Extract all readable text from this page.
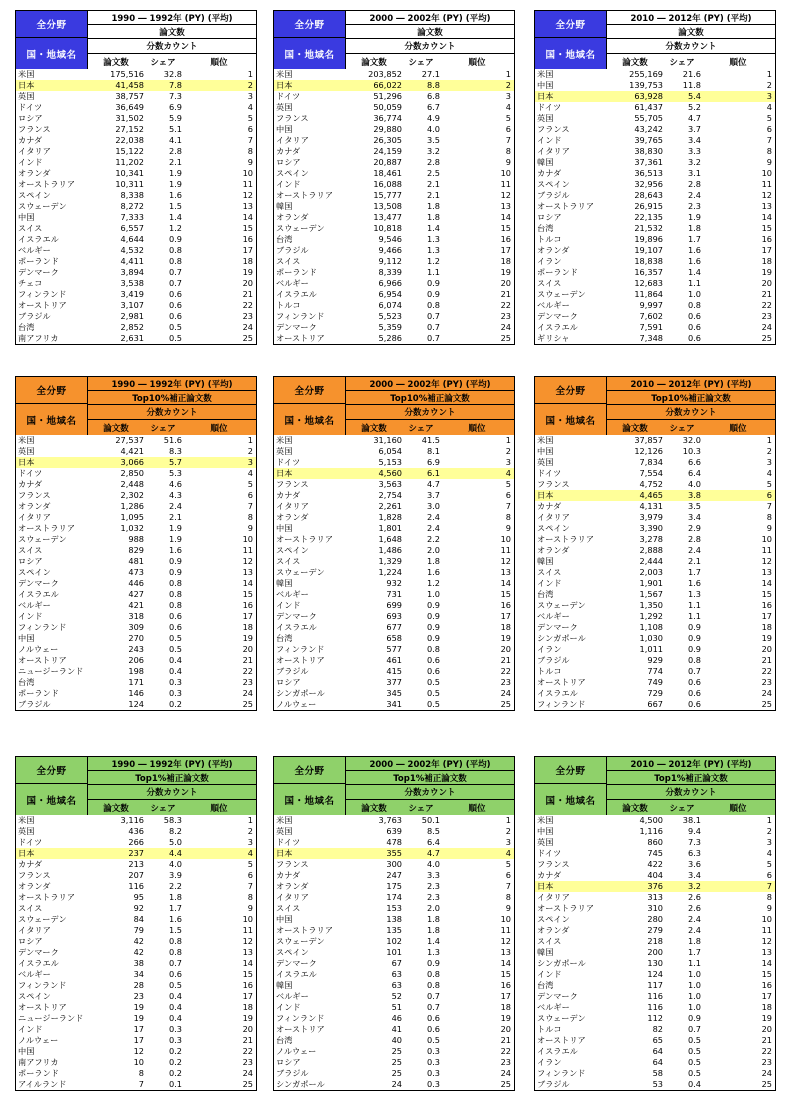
全分野
国・地域名
1990 ― 1992年 (PY) (平均)
論文数
分数カウント
論文数	シェア	順位
米国	175,516	32.8	1
日本	41,458	7.8	2
英国	38,757	7.3	3
ドイツ	36,649	6.9	4
ロシア	31,502	5.9	5
フランス	27,152	5.1	6
カナダ	22,038	4.1	7
イタリア	15,122	2.8	8
インド	11,202	2.1	9
オランダ	10,341	1.9	10
オーストラリア	10,311	1.9	11
スペイン	8,338	1.6	12
スウェーデン	8,272	1.5	13
中国	7,333	1.4	14
スイス	6,557	1.2	15
イスラエル	4,644	0.9	16
ベルギー	4,532	0.8	17
ポーランド	4,411	0.8	18
デンマーク	3,894	0.7	19
チェコ	3,538	0.7	20
フィンランド	3,419	0.6	21
オーストリア	3,107	0.6	22
ブラジル	2,981	0.6	23
台湾	2,852	0.5	24
南アフリカ	2,631	0.5	25
全分野
国・地域名
2000 ― 2002年 (PY) (平均)
論文数
分数カウント
論文数	シェア	順位
米国	203,852	27.1	1
日本	66,022	8.8	2
ドイツ	51,296	6.8	3
英国	50,059	6.7	4
フランス	36,774	4.9	5
中国	29,880	4.0	6
イタリア	26,305	3.5	7
カナダ	24,159	3.2	8
ロシア	20,887	2.8	9
スペイン	18,461	2.5	10
インド	16,088	2.1	11
オーストラリア	15,777	2.1	12
韓国	13,508	1.8	13
オランダ	13,477	1.8	14
スウェーデン	10,818	1.4	15
台湾	9,546	1.3	16
ブラジル	9,466	1.3	17
スイス	9,112	1.2	18
ポーランド	8,339	1.1	19
ベルギー	6,966	0.9	20
イスラエル	6,954	0.9	21
トルコ	6,074	0.8	22
フィンランド	5,523	0.7	23
デンマーク	5,359	0.7	24
オーストリア	5,286	0.7	25
全分野
国・地域名
2010 ― 2012年 (PY) (平均)
論文数
分数カウント
論文数	シェア	順位
米国	255,169	21.6	1
中国	139,753	11.8	2
日本	63,928	5.4	3
ドイツ	61,437	5.2	4
英国	55,705	4.7	5
フランス	43,242	3.7	6
インド	39,765	3.4	7
イタリア	38,830	3.3	8
韓国	37,361	3.2	9
カナダ	36,513	3.1	10
スペイン	32,956	2.8	11
ブラジル	28,643	2.4	12
オーストラリア	26,915	2.3	13
ロシア	22,135	1.9	14
台湾	21,532	1.8	15
トルコ	19,896	1.7	16
オランダ	19,107	1.6	17
イラン	18,838	1.6	18
ポーランド	16,357	1.4	19
スイス	12,683	1.1	20
スウェーデン	11,864	1.0	21
ベルギー	9,997	0.8	22
デンマーク	7,602	0.6	23
イスラエル	7,591	0.6	24
ギリシャ	7,348	0.6	25
全分野
国・地域名
1990 ― 1992年 (PY) (平均)
Top10%補正論文数
分数カウント
論文数	シェア	順位
米国	27,537	51.6	1
英国	4,421	8.3	2
日本	3,066	5.7	3
ドイツ	2,850	5.3	4
カナダ	2,448	4.6	5
フランス	2,302	4.3	6
オランダ	1,286	2.4	7
イタリア	1,095	2.1	8
オーストラリア	1,032	1.9	9
スウェーデン	988	1.9	10
スイス	829	1.6	11
ロシア	481	0.9	12
スペイン	473	0.9	13
デンマーク	446	0.8	14
イスラエル	427	0.8	15
ベルギー	421	0.8	16
インド	318	0.6	17
フィンランド	309	0.6	18
中国	270	0.5	19
ノルウェー	243	0.5	20
オーストリア	206	0.4	21
ニュージーランド	198	0.4	22
台湾	171	0.3	23
ポーランド	146	0.3	24
ブラジル	124	0.2	25
全分野
国・地域名
2000 ― 2002年 (PY) (平均)
Top10%補正論文数
分数カウント
論文数	シェア	順位
米国	31,160	41.5	1
英国	6,054	8.1	2
ドイツ	5,153	6.9	3
日本	4,560	6.1	4
フランス	3,563	4.7	5
カナダ	2,754	3.7	6
イタリア	2,261	3.0	7
オランダ	1,828	2.4	8
中国	1,801	2.4	9
オーストラリア	1,648	2.2	10
スペイン	1,486	2.0	11
スイス	1,329	1.8	12
スウェーデン	1,224	1.6	13
韓国	932	1.2	14
ベルギー	731	1.0	15
インド	699	0.9	16
デンマーク	693	0.9	17
イスラエル	677	0.9	18
台湾	658	0.9	19
フィンランド	577	0.8	20
オーストリア	461	0.6	21
ブラジル	415	0.6	22
ロシア	377	0.5	23
シンガポール	345	0.5	24
ノルウェー	341	0.5	25
全分野
国・地域名
2010 ― 2012年 (PY) (平均)
Top10%補正論文数
分数カウント
論文数	シェア	順位
米国	37,857	32.0	1
中国	12,126	10.3	2
英国	7,834	6.6	3
ドイツ	7,554	6.4	4
フランス	4,752	4.0	5
日本	4,465	3.8	6
カナダ	4,131	3.5	7
イタリア	3,979	3.4	8
スペイン	3,390	2.9	9
オーストラリア	3,278	2.8	10
オランダ	2,888	2.4	11
韓国	2,444	2.1	12
スイス	2,003	1.7	13
インド	1,901	1.6	14
台湾	1,567	1.3	15
スウェーデン	1,350	1.1	16
ベルギー	1,292	1.1	17
デンマーク	1,108	0.9	18
シンガポール	1,030	0.9	19
イラン	1,011	0.9	20
ブラジル	929	0.8	21
トルコ	774	0.7	22
オーストリア	749	0.6	23
イスラエル	729	0.6	24
フィンランド	667	0.6	25
全分野
国・地域名
1990 ― 1992年 (PY) (平均)
Top1%補正論文数
分数カウント
論文数	シェア	順位
米国	3,116	58.3	1
英国	436	8.2	2
ドイツ	266	5.0	3
日本	237	4.4	4
カナダ	213	4.0	5
フランス	207	3.9	6
オランダ	116	2.2	7
オーストラリア	95	1.8	8
スイス	92	1.7	9
スウェーデン	84	1.6	10
イタリア	79	1.5	11
ロシア	42	0.8	12
デンマーク	42	0.8	13
イスラエル	38	0.7	14
ベルギー	34	0.6	15
フィンランド	28	0.5	16
スペイン	23	0.4	17
オーストリア	19	0.4	18
ニュージーランド	19	0.4	19
インド	17	0.3	20
ノルウェー	17	0.3	21
中国	12	0.2	22
南アフリカ	10	0.2	23
ポーランド	8	0.2	24
アイルランド	7	0.1	25
全分野
国・地域名
2000 ― 2002年 (PY) (平均)
Top1%補正論文数
分数カウント
論文数	シェア	順位
米国	3,763	50.1	1
英国	639	8.5	2
ドイツ	478	6.4	3
日本	355	4.7	4
フランス	300	4.0	5
カナダ	247	3.3	6
オランダ	175	2.3	7
イタリア	174	2.3	8
スイス	153	2.0	9
中国	138	1.8	10
オーストラリア	135	1.8	11
スウェーデン	102	1.4	12
スペイン	101	1.3	13
デンマーク	67	0.9	14
イスラエル	63	0.8	15
韓国	63	0.8	16
ベルギー	52	0.7	17
インド	51	0.7	18
フィンランド	46	0.6	19
オーストリア	41	0.6	20
台湾	40	0.5	21
ノルウェー	25	0.3	22
ロシア	25	0.3	23
ブラジル	25	0.3	24
シンガポール	24	0.3	25
全分野
国・地域名
2010 ― 2012年 (PY) (平均)
Top1%補正論文数
分数カウント
論文数	シェア	順位
米国	4,500	38.1	1
中国	1,116	9.4	2
英国	860	7.3	3
ドイツ	745	6.3	4
フランス	422	3.6	5
カナダ	404	3.4	6
日本	376	3.2	7
イタリア	313	2.6	8
オーストラリア	310	2.6	9
スペイン	280	2.4	10
オランダ	279	2.4	11
スイス	218	1.8	12
韓国	200	1.7	13
シンガポール	130	1.1	14
インド	124	1.0	15
台湾	117	1.0	16
デンマーク	116	1.0	17
ベルギー	116	1.0	18
スウェーデン	112	0.9	19
トルコ	82	0.7	20
オーストリア	65	0.5	21
イスラエル	64	0.5	22
イラン	64	0.5	23
フィンランド	58	0.5	24
ブラジル	53	0.4	25
